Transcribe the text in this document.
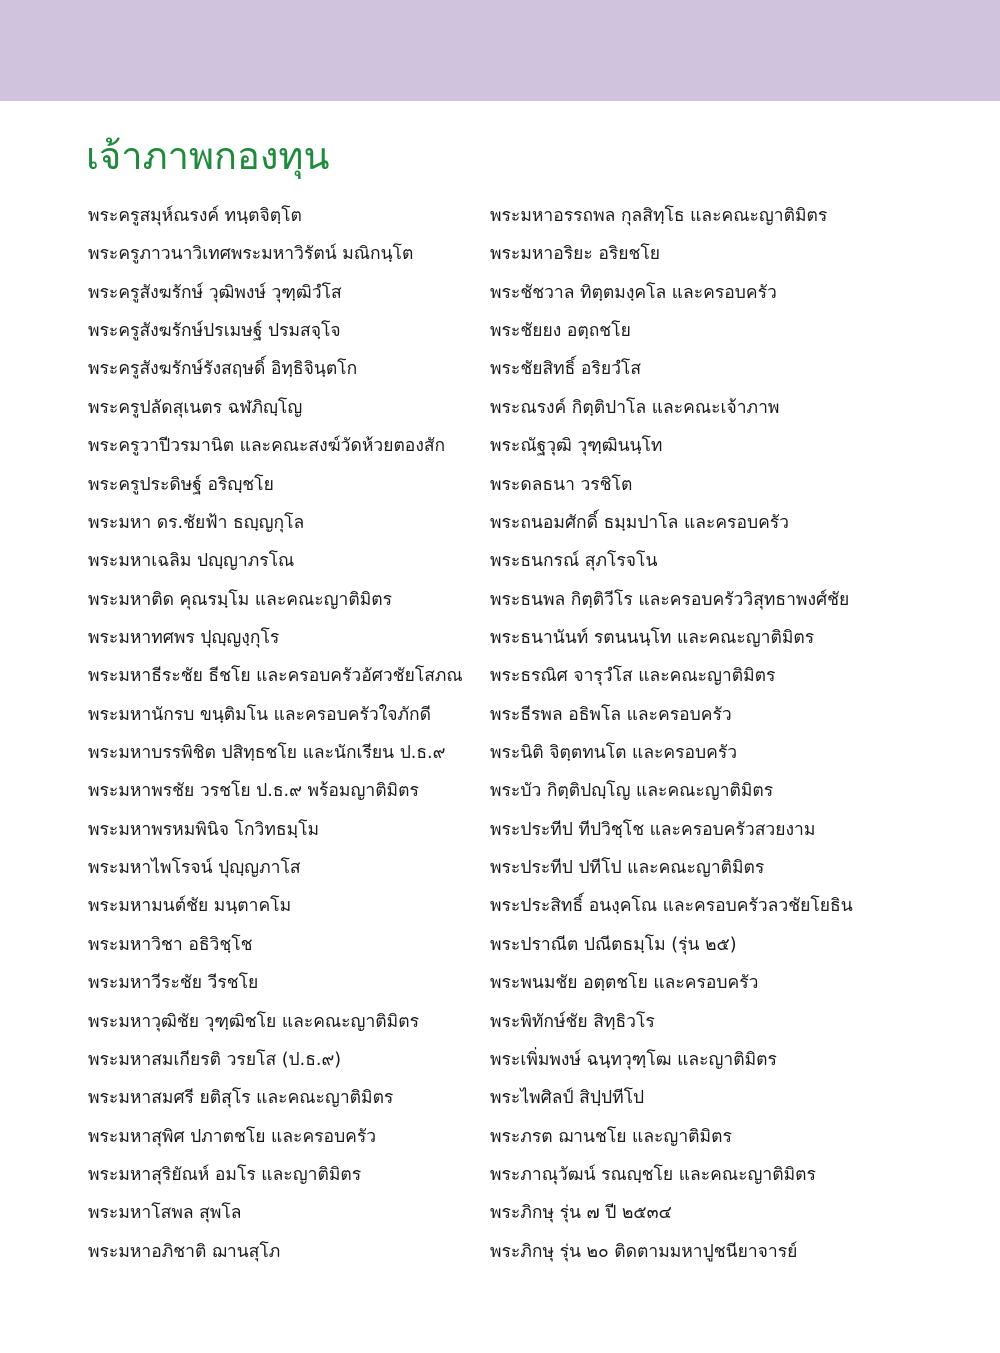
เจ้าภาพกองทุน
พระครูสมุห์ณรงค์ ทนฺตจิตฺโต
พระครูภาวนาวิเทศพระมหาวิรัตน์ มณิกนฺโต
พระครูสังฆรักษ์ วุฒิพงษ์ วุฑฺฒิวํโส
พระครูสังฆรักษ์ปรเมษฐ์ ปรมสจฺโจ
พระครูสังฆรักษ์รังสฤษดิ์ อิทฺธิจินฺตโก
พระครูปลัดสุเนตร ฉฬภิญฺโญ
พระครูวาปีวรมานิต และคณะสงฆ์วัดห้วยตองสัก
พระครูประดิษฐ์ อริญฺชโย
พระมหา ดร.ชัยฟ้า ธญฺญกุโล
พระมหาเฉลิม ปญฺญาภรโณ
พระมหาติด คุณรมฺโม และคณะญาติมิตร
พระมหาทศพร ปุญฺญงฺกุโร
พระมหาธีระชัย ธีชโย และครอบครัวอัศวชัยโสภณ
พระมหานักรบ ขนฺติมโน และครอบครัวใจภักดี
พระมหาบรรพิชิต ปสิทฺธชโย และนักเรียน ป.ธ.๙
พระมหาพรชัย วรชโย ป.ธ.๙ พร้อมญาติมิตร
พระมหาพรหมพินิจ โกวิทธมฺโม
พระมหาไพโรจน์ ปุญฺญภาโส
พระมหามนต์ชัย มนฺตาคโม
พระมหาวิชา อธิวิชฺโช
พระมหาวีระชัย วีรชโย
พระมหาวุฒิชัย วุฑฺฒิชโย และคณะญาติมิตร
พระมหาสมเกียรติ วรยโส (ป.ธ.๙)
พระมหาสมศรี ยติสุโร และคณะญาติมิตร
พระมหาสุพิศ ปภาตชโย และครอบครัว
พระมหาสุริยัณห์ อมโร และญาติมิตร
พระมหาโสพล สุพโล
พระมหาอภิชาติ ฌานสุโภ
พระมหาอรรถพล กุลสิทฺโธ และคณะญาติมิตร
พระมหาอริยะ อริยชโย
พระชัชวาล ทิตฺตมงฺคโล และครอบครัว
พระชัยยง อตฺถชโย
พระชัยสิทธิ์ อริยวํโส
พระณรงค์ กิตฺติปาโล และคณะเจ้าภาพ
พระณัฐวุฒิ วุฑฺฒินนฺโท
พระดลธนา วรชิโต
พระถนอมศักดิ์ ธมฺมปาโล และครอบครัว
พระธนกรณ์ สุภโรจโน
พระธนพล กิตฺติวีโร และครอบครัววิสุทธาพงศ์ชัย
พระธนานันท์ รตนนนฺโท และคณะญาติมิตร
พระธรณิศ จารุวํโส และคณะญาติมิตร
พระธีรพล อธิพโล และครอบครัว
พระนิติ จิตฺตทนโต และครอบครัว
พระบัว กิตฺติปญฺโญ และคณะญาติมิตร
พระประทีป ทีปวิชฺโช และครอบครัวสวยงาม
พระประทีป ปทีโป และคณะญาติมิตร
พระประสิทธิ์ อนงฺคโณ และครอบครัวลวชัยโยธิน
พระปราณีต ปณีตธมฺโม (รุ่น ๒๕)
พระพนมชัย อตฺตชโย และครอบครัว
พระพิทักษ์ชัย สิทฺธิวโร
พระเพิ่มพงษ์ ฉนฺทวุฑฺโฒ และญาติมิตร
พระไพศิลป์ สิปฺปทีโป
พระภรต ฌานชโย และญาติมิตร
พระภาณุวัฒน์ รณญฺชโย และคณะญาติมิตร
พระภิกษุ รุ่น ๗ ปี ๒๕๓๔
พระภิกษุ รุ่น ๒๐ ติดตามมหาปูชนียาจารย์
